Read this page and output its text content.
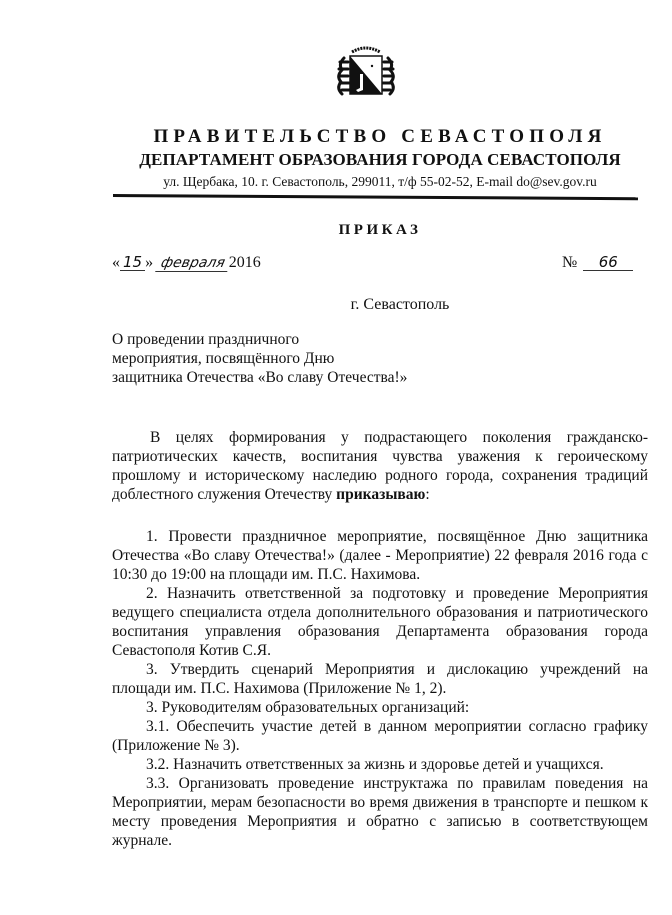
ПРАВИТЕЛЬСТВО СЕВАСТОПОЛЯ
ДЕПАРТАМЕНТ ОБРАЗОВАНИЯ ГОРОДА СЕВАСТОПОЛЯ
ул. Щербака, 10. г. Севастополь, 299011, т/ф 55-02-52, E-mail do@sev.gov.ru
ПРИКАЗ
« 15 » февраля 2016	№ 66
г. Севастополь
О проведении праздничного
мероприятия, посвящённого Дню
защитника Отечества «Во славу Отечества!»

В целях формирования у подрастающего поколения гражданско-патриотических качеств, воспитания чувства уважения к героическому прошлому и историческому наследию родного города, сохранения традиций доблестного служения Отечеству приказываю:

1. Провести праздничное мероприятие, посвящённое Дню защитника Отечества «Во славу Отечества!» (далее - Мероприятие) 22 февраля 2016 года с 10:30 до 19:00 на площади им. П.С. Нахимова.

2. Назначить ответственной за подготовку и проведение Мероприятия ведущего специалиста отдела дополнительного образования и патриотического воспитания управления образования Департамента образования города Севастополя Котив С.Я.

3. Утвердить сценарий Мероприятия и дислокацию учреждений на площади им. П.С. Нахимова (Приложение № 1, 2).

3. Руководителям образовательных организаций:

3.1. Обеспечить участие детей в данном мероприятии согласно графику (Приложение № 3).

3.2. Назначить ответственных за жизнь и здоровье детей и учащихся.

3.3. Организовать проведение инструктажа по правилам поведения на Мероприятии, мерам безопасности во время движения в транспорте и пешком к месту проведения Мероприятия и обратно с записью в соответствующем журнале.
